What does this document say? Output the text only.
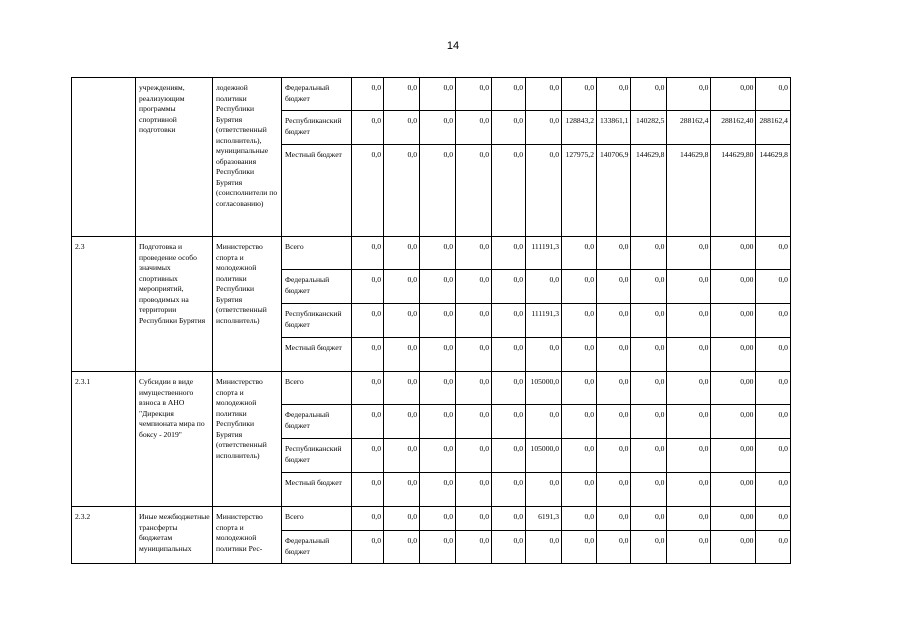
14
	учреждениям, реализующим программы спортивной подготовки	лодежной политики Республики Бурятия (ответственный исполнитель), муниципальные образования Республики Бурятия (соисполнители по согласованию)	Федеральный бюджет	0,0	0,0	0,0	0,0	0,0	0,0	0,0	0,0	0,0	0,0	0,00	0,0
			Республиканский бюджет	0,0	0,0	0,0	0,0	0,0	0,0	128843,2	133861,1	140282,5	288162,4	288162,40	288162,4
			Местный бюджет	0,0	0,0	0,0	0,0	0,0	0,0	127975,2	140706,9	144629,8	144629,8	144629,80	144629,8
2.3	Подготовка и проведение особо значимых спортивных мероприятий, проводимых на территории Республики Бурятия	Министерство спорта и молодежной политики Республики Бурятия (ответственный исполнитель)	Всего	0,0	0,0	0,0	0,0	0,0	111191,3	0,0	0,0	0,0	0,0	0,00	0,0
			Федеральный бюджет	0,0	0,0	0,0	0,0	0,0	0,0	0,0	0,0	0,0	0,0	0,00	0,0
			Республиканский бюджет	0,0	0,0	0,0	0,0	0,0	111191,3	0,0	0,0	0,0	0,0	0,00	0,0
			Местный бюджет	0,0	0,0	0,0	0,0	0,0	0,0	0,0	0,0	0,0	0,0	0,00	0,0
2.3.1	Субсидии в виде имущественного взноса в АНО "Дирекция чемпионата мира по боксу - 2019"	Министерство спорта и молодежной политики Республики Бурятия (ответственный исполнитель)	Всего	0,0	0,0	0,0	0,0	0,0	105000,0	0,0	0,0	0,0	0,0	0,00	0,0
			Федеральный бюджет	0,0	0,0	0,0	0,0	0,0	0,0	0,0	0,0	0,0	0,0	0,00	0,0
			Республиканский бюджет	0,0	0,0	0,0	0,0	0,0	105000,0	0,0	0,0	0,0	0,0	0,00	0,0
			Местный бюджет	0,0	0,0	0,0	0,0	0,0	0,0	0,0	0,0	0,0	0,0	0,00	0,0
2.3.2	Иные межбюджетные трансферты бюджетам муниципальных	Министерство спорта и молодежной политики Рес-	Всего	0,0	0,0	0,0	0,0	0,0	6191,3	0,0	0,0	0,0	0,0	0,00	0,0
			Федеральный бюджет	0,0	0,0	0,0	0,0	0,0	0,0	0,0	0,0	0,0	0,0	0,00	0,0
